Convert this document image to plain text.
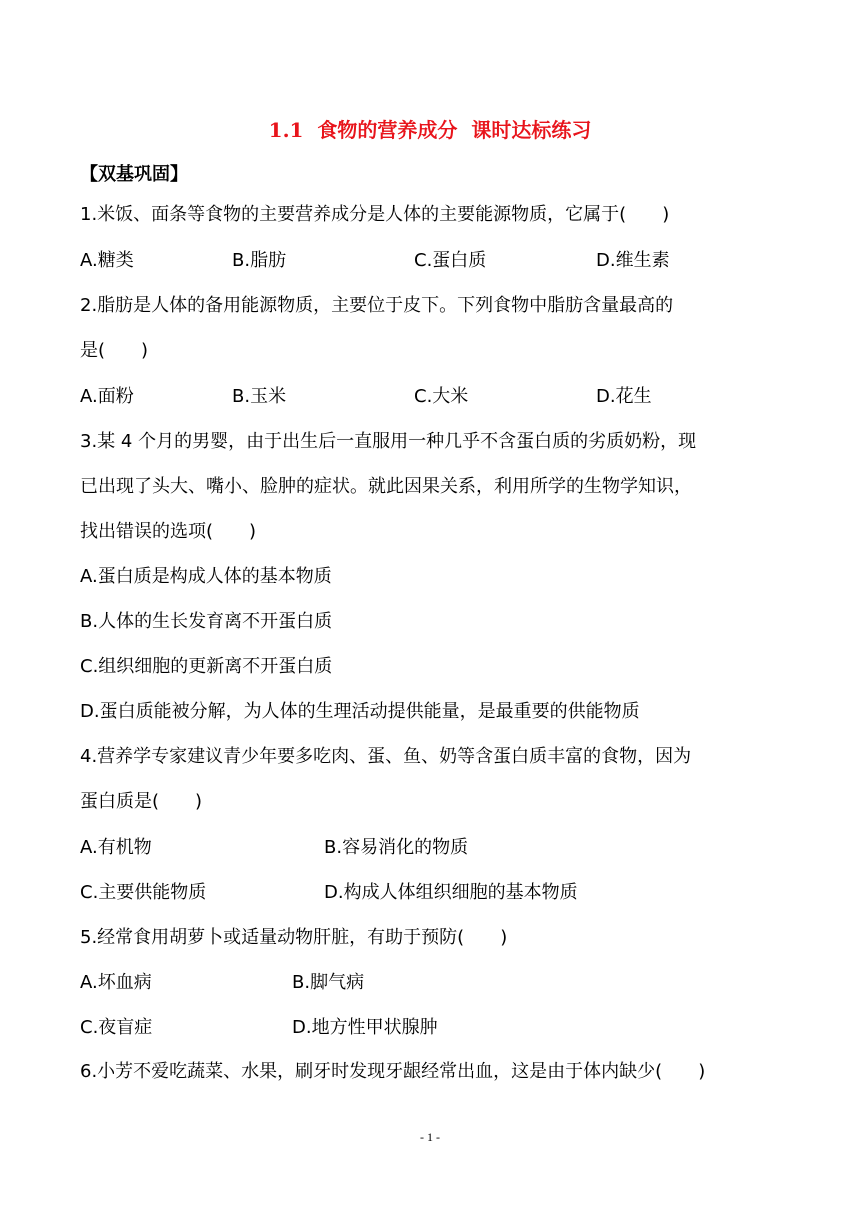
1.1  食物的营养成分  课时达标练习
【双基巩固】
1.米饭、面条等食物的主要营养成分是人体的主要能源物质，它属于(　　)
A.糖类	B.脂肪	C.蛋白质	D.维生素
2.脂肪是人体的备用能源物质，主要位于皮下。下列食物中脂肪含量最高的
是(　　)
A.面粉	B.玉米	C.大米	D.花生
3.某 4 个月的男婴，由于出生后一直服用一种几乎不含蛋白质的劣质奶粉，现
已出现了头大、嘴小、脸肿的症状。就此因果关系，利用所学的生物学知识，
找出错误的选项(　　)
A.蛋白质是构成人体的基本物质
B.人体的生长发育离不开蛋白质
C.组织细胞的更新离不开蛋白质
D.蛋白质能被分解，为人体的生理活动提供能量，是最重要的供能物质
4.营养学专家建议青少年要多吃肉、蛋、鱼、奶等含蛋白质丰富的食物，因为
蛋白质是(　　)
A.有机物	B.容易消化的物质
C.主要供能物质	D.构成人体组织细胞的基本物质
5.经常食用胡萝卜或适量动物肝脏，有助于预防(　　)
A.坏血病	B.脚气病
C.夜盲症	D.地方性甲状腺肿
6.小芳不爱吃蔬菜、水果，刷牙时发现牙龈经常出血，这是由于体内缺少(　　)
- 1 -
